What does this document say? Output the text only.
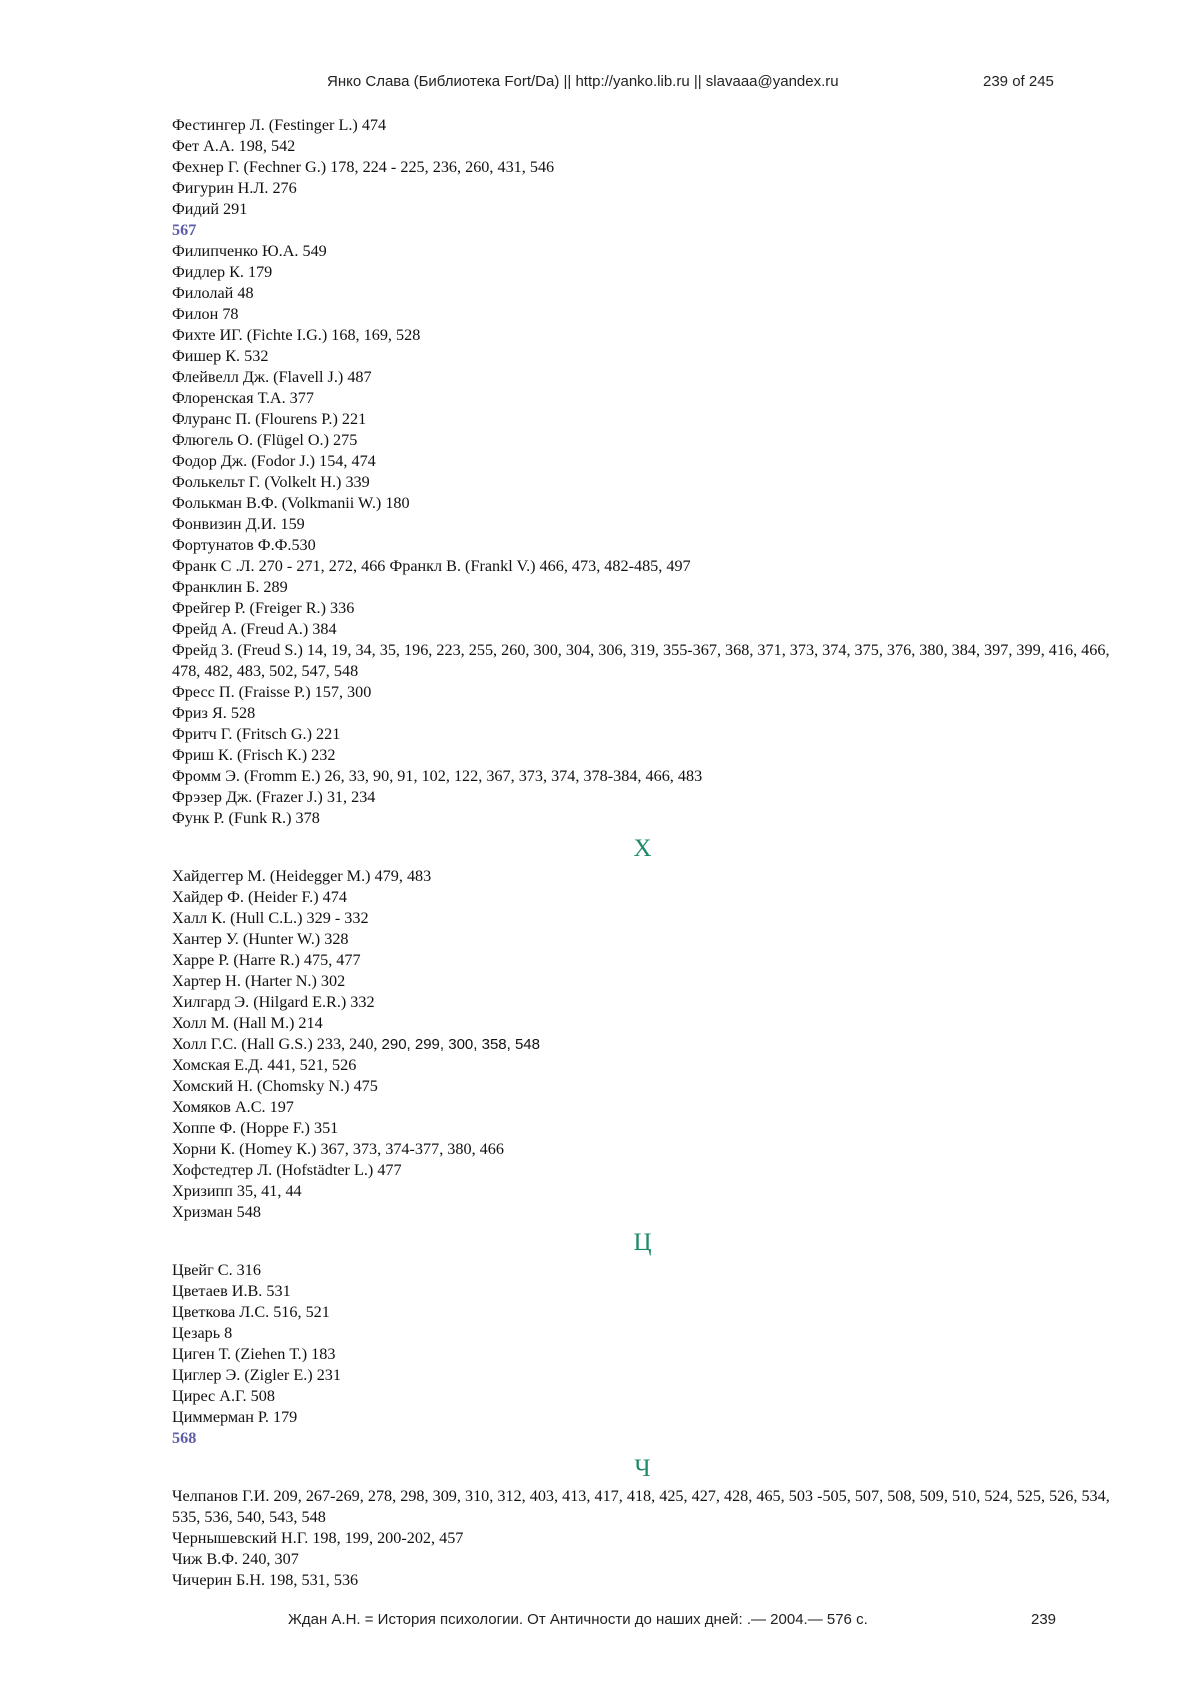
Янко Слава (Библиотека Fort/Da) || http://yanko.lib.ru || slavaaa@yandex.ru	239 of 245
Фестингер Л. (Festinger L.) 474
Фет А.А. 198, 542
Фехнер Г. (Fechner G.) 178, 224 - 225, 236, 260, 431, 546
Фигурин Н.Л. 276
Фидий 291
567
Филипченко Ю.А. 549
Фидлер К. 179
Филолай 48
Филон 78
Фихте ИГ. (Fichte I.G.) 168, 169, 528
Фишер К. 532
Флейвелл Дж. (Flavell J.) 487
Флоренская Т.А. 377
Флуранс П. (Flourens P.) 221
Флюгель О. (Flügel О.) 275
Фодор Дж. (Fodor J.) 154, 474
Фолькельт Г. (Volkelt Н.) 339
Фолькман В.Ф. (Volkmanii W.) 180
Фонвизин Д.И. 159
Фортунатов Ф.Ф.530
Франк С .Л. 270 - 271, 272, 466 Франкл В. (Frankl V.) 466, 473, 482-485, 497
Франклин Б. 289
Фрейгер Р. (Freiger R.) 336
Фрейд А. (Freud A.) 384
Фрейд 3. (Freud S.) 14, 19, 34, 35, 196, 223, 255, 260, 300, 304, 306, 319, 355-367, 368, 371, 373, 374, 375, 376, 380, 384, 397, 399, 416, 466, 478, 482, 483, 502, 547, 548
Фресс П. (Fraisse P.) 157, 300
Фриз Я. 528
Фритч Г. (Fritsch G.) 221
Фриш К. (Frisch К.) 232
Фромм Э. (Fromm E.) 26, 33, 90, 91, 102, 122, 367, 373, 374, 378-384, 466, 483
Фрэзер Дж. (Frazer J.) 31, 234
Функ Р. (Funk R.) 378
Х
Хайдеггер М. (Heidegger M.) 479, 483
Хайдер Ф. (Heider F.) 474
Халл К. (Hull C.L.) 329 - 332
Хантер У. (Hunter W.) 328
Харре Р. (Harre R.) 475, 477
Хартер Н. (Harter N.) 302
Хилгард Э. (Hilgard E.R.) 332
Холл М. (Hall М.) 214
Холл Г.С. (Hall G.S.) 233, 240, 290, 299, 300, 358, 548
Хомская Е.Д. 441, 521, 526
Хомский Н. (Chomsky N.) 475
Хомяков А.С. 197
Хоппе Ф. (Норре F.) 351
Хорни К. (Homey К.) 367, 373, 374-377, 380, 466
Хофстедтер Л. (Hofstädter L.) 477
Хризипп 35, 41, 44
Хризман 548
Ц
Цвейг С. 316
Цветаев И.В. 531
Цветкова Л.С. 516, 521
Цезарь 8
Циген Т. (Ziehen Т.) 183
Циглер Э. (Zigler E.) 231
Цирес А.Г. 508
Циммерман Р. 179
568
Ч
Челпанов Г.И. 209, 267-269, 278, 298, 309, 310, 312, 403, 413, 417, 418, 425, 427, 428, 465, 503 -505, 507, 508, 509, 510, 524, 525, 526, 534, 535, 536, 540, 543, 548
Чернышевский Н.Г. 198, 199, 200-202, 457
Чиж В.Ф. 240, 307
Чичерин Б.Н. 198, 531, 536
Ждан А.Н. = История психологии. От Античности до наших дней: .— 2004.— 576 с.	239
